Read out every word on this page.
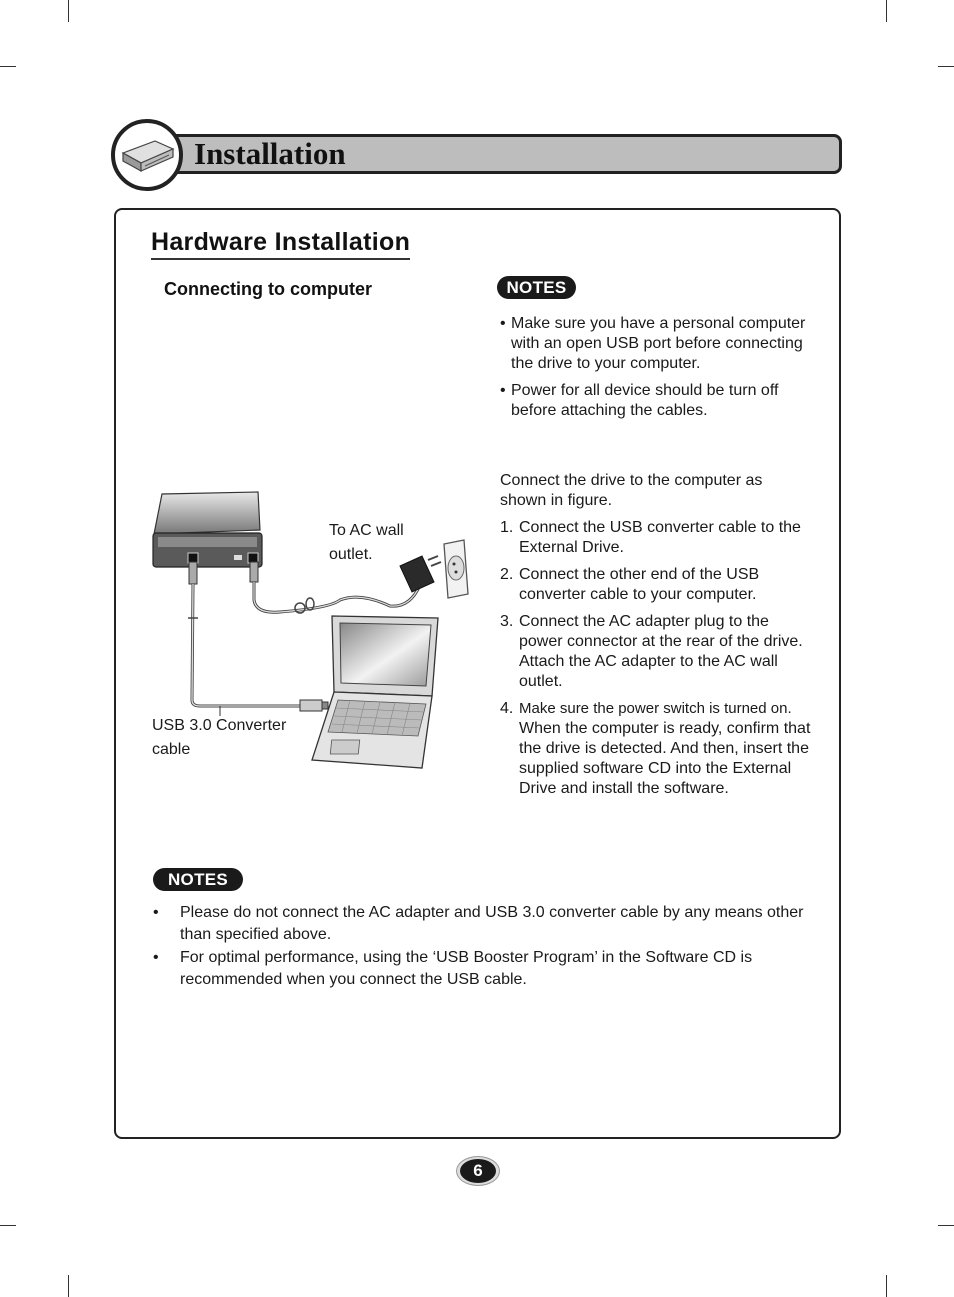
Installation
Hardware Installation
Connecting to computer	NOTES
• Make sure you have a personal computer with an open USB port before connecting the drive to your computer.
• Power for all device should be turn off before attaching the cables.
Connect the drive to the computer as shown in figure.
1. Connect the USB converter cable to the External Drive.
2. Connect the other end of the USB converter cable to your computer.
3. Connect the AC adapter plug to the power connector at the rear of the drive.
Attach the AC adapter to the AC wall outlet.
4. Make sure the power switch is turned on.
When the computer is ready, confirm that the drive is detected. And then, insert the supplied software CD into the External Drive and install the software.
To AC wall
outlet.
USB 3.0 Converter
cable
NOTES
• Please do not connect the AC adapter and USB 3.0 converter cable by any means other than specified above.
• For optimal performance, using the ‘USB Booster Program’ in the Software CD is recommended when you connect the USB cable.
6
